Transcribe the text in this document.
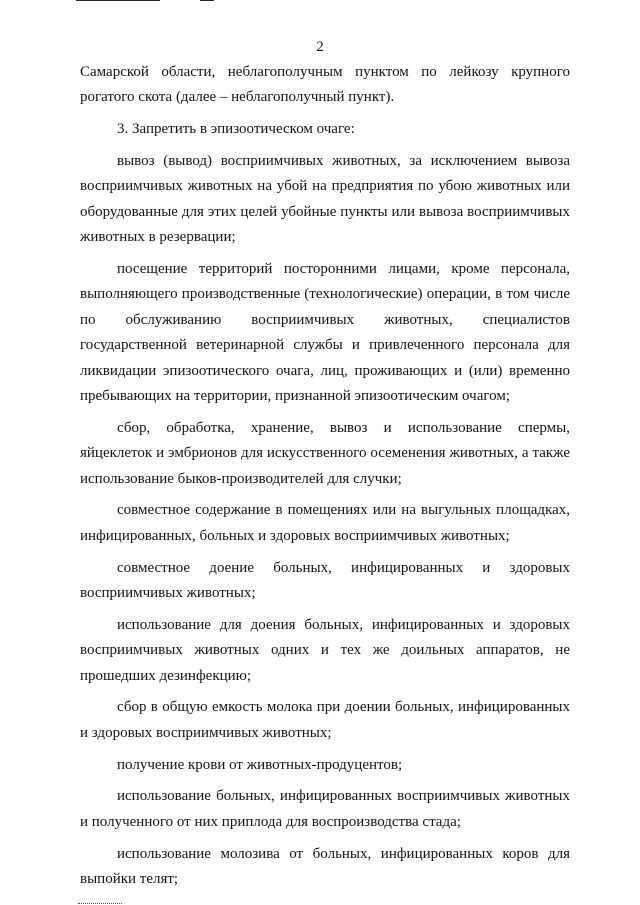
2

Самарской области, неблагополучным пунктом по лейкозу крупного рогатого скота (далее – неблагополучный пункт).

3. Запретить в эпизоотическом очаге:

вывоз (вывод) восприимчивых животных, за исключением вывоза восприимчивых животных на убой на предприятия по убою животных или оборудованные для этих целей убойные пункты или вывоза восприимчивых животных в резервации;

посещение территорий посторонними лицами, кроме персонала, выполняющего производственные (технологические) операции, в том числе по обслуживанию восприимчивых животных, специалистов государственной ветеринарной службы и привлеченного персонала для ликвидации эпизоотического очага, лиц, проживающих и (или) временно пребывающих на территории, признанной эпизоотическим очагом;

сбор, обработка, хранение, вывоз и использование спермы, яйцеклеток и эмбрионов для искусственного осеменения животных, а также использование быков-производителей для случки;

совместное содержание в помещениях или на выгульных площадках, инфицированных, больных и здоровых восприимчивых животных;

совместное доение больных, инфицированных и здоровых восприимчивых животных;

использование для доения больных, инфицированных и здоровых восприимчивых животных одних и тех же доильных аппаратов, не прошедших дезинфекцию;

сбор в общую емкость молока при доении больных, инфицированных и здоровых восприимчивых животных;

получение крови от животных-продуцентов;

использование больных, инфицированных восприимчивых животных и полученного от них приплода для воспроизводства стада;

использование молозива от больных, инфицированных коров для выпойки телят;
